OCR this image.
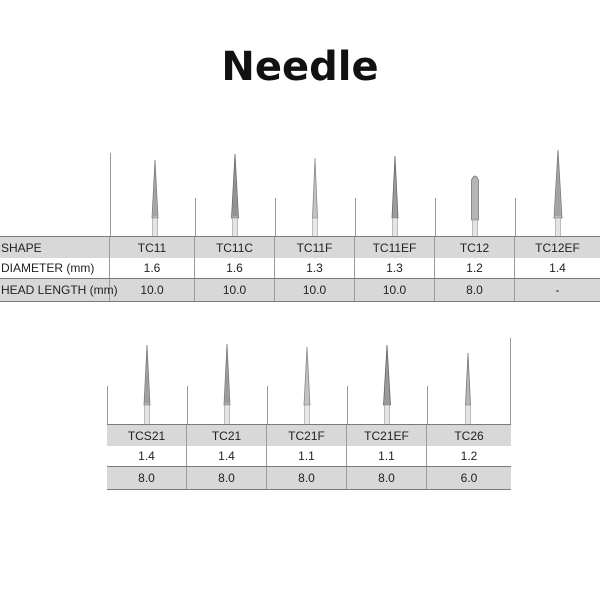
Needle
SHAPE	TC11	TC11C	TC11F	TC11EF	TC12	TC12EF
DIAMETER (mm)	1.6	1.6	1.3	1.3	1.2	1.4
HEAD LENGTH (mm)	10.0	10.0	10.0	10.0	8.0	-
TCS21	TC21	TC21F	TC21EF	TC26
1.4	1.4	1.1	1.1	1.2
8.0	8.0	8.0	8.0	6.0
